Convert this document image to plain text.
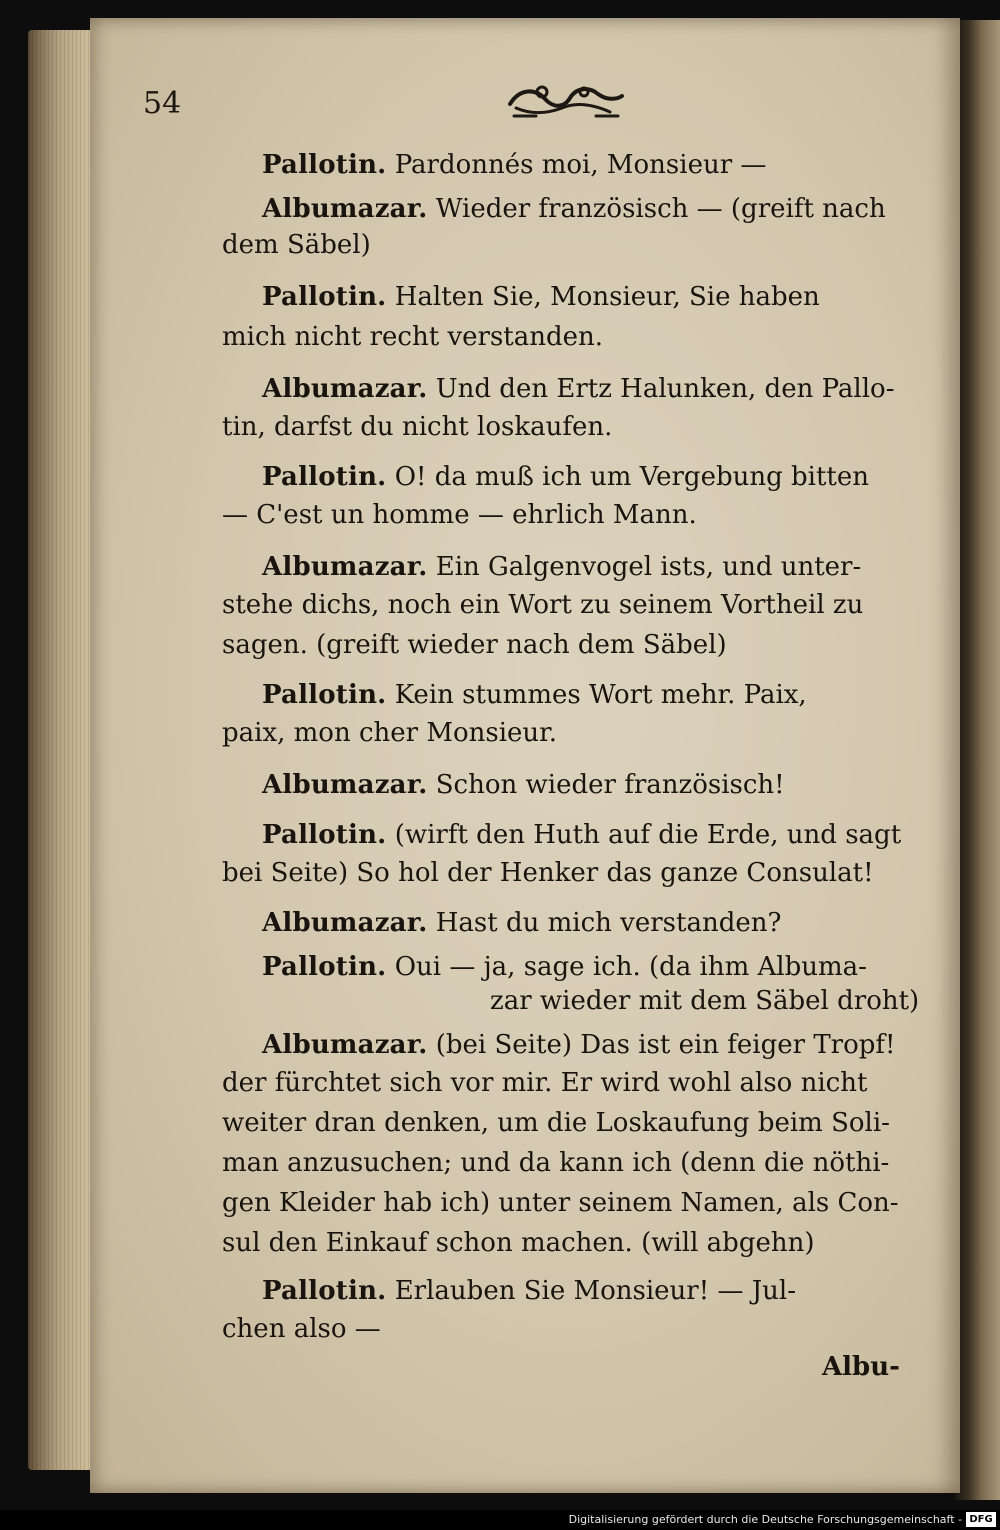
54
Pallotin. Pardonnés moi, Monsieur —
Albumazar. Wieder französisch — (greift nach
dem Säbel)
Pallotin. Halten Sie, Monsieur, Sie haben
mich nicht recht verstanden.
Albumazar. Und den Ertz Halunken, den Pallo-
tin, darfst du nicht loskaufen.
Pallotin. O! da muß ich um Vergebung bitten
— C'est un homme — ehrlich Mann.
Albumazar. Ein Galgenvogel ists, und unter-
stehe dichs, noch ein Wort zu seinem Vortheil zu
sagen. (greift wieder nach dem Säbel)
Pallotin. Kein stummes Wort mehr. Paix,
paix, mon cher Monsieur.
Albumazar. Schon wieder französisch!
Pallotin. (wirft den Huth auf die Erde, und sagt
bei Seite) So hol der Henker das ganze Consulat!
Albumazar. Hast du mich verstanden?
Pallotin. Oui — ja, sage ich. (da ihm Albuma-
zar wieder mit dem Säbel droht)
Albumazar. (bei Seite) Das ist ein feiger Tropf!
der fürchtet sich vor mir. Er wird wohl also nicht
weiter dran denken, um die Loskaufung beim Soli-
man anzusuchen; und da kann ich (denn die nöthi-
gen Kleider hab ich) unter seinem Namen, als Con-
sul den Einkauf schon machen. (will abgehn)
Pallotin. Erlauben Sie Monsieur! — Jul-
chen also —
Albu-
Digitalisierung gefördert durch die Deutsche Forschungsgemeinschaft - DFG
